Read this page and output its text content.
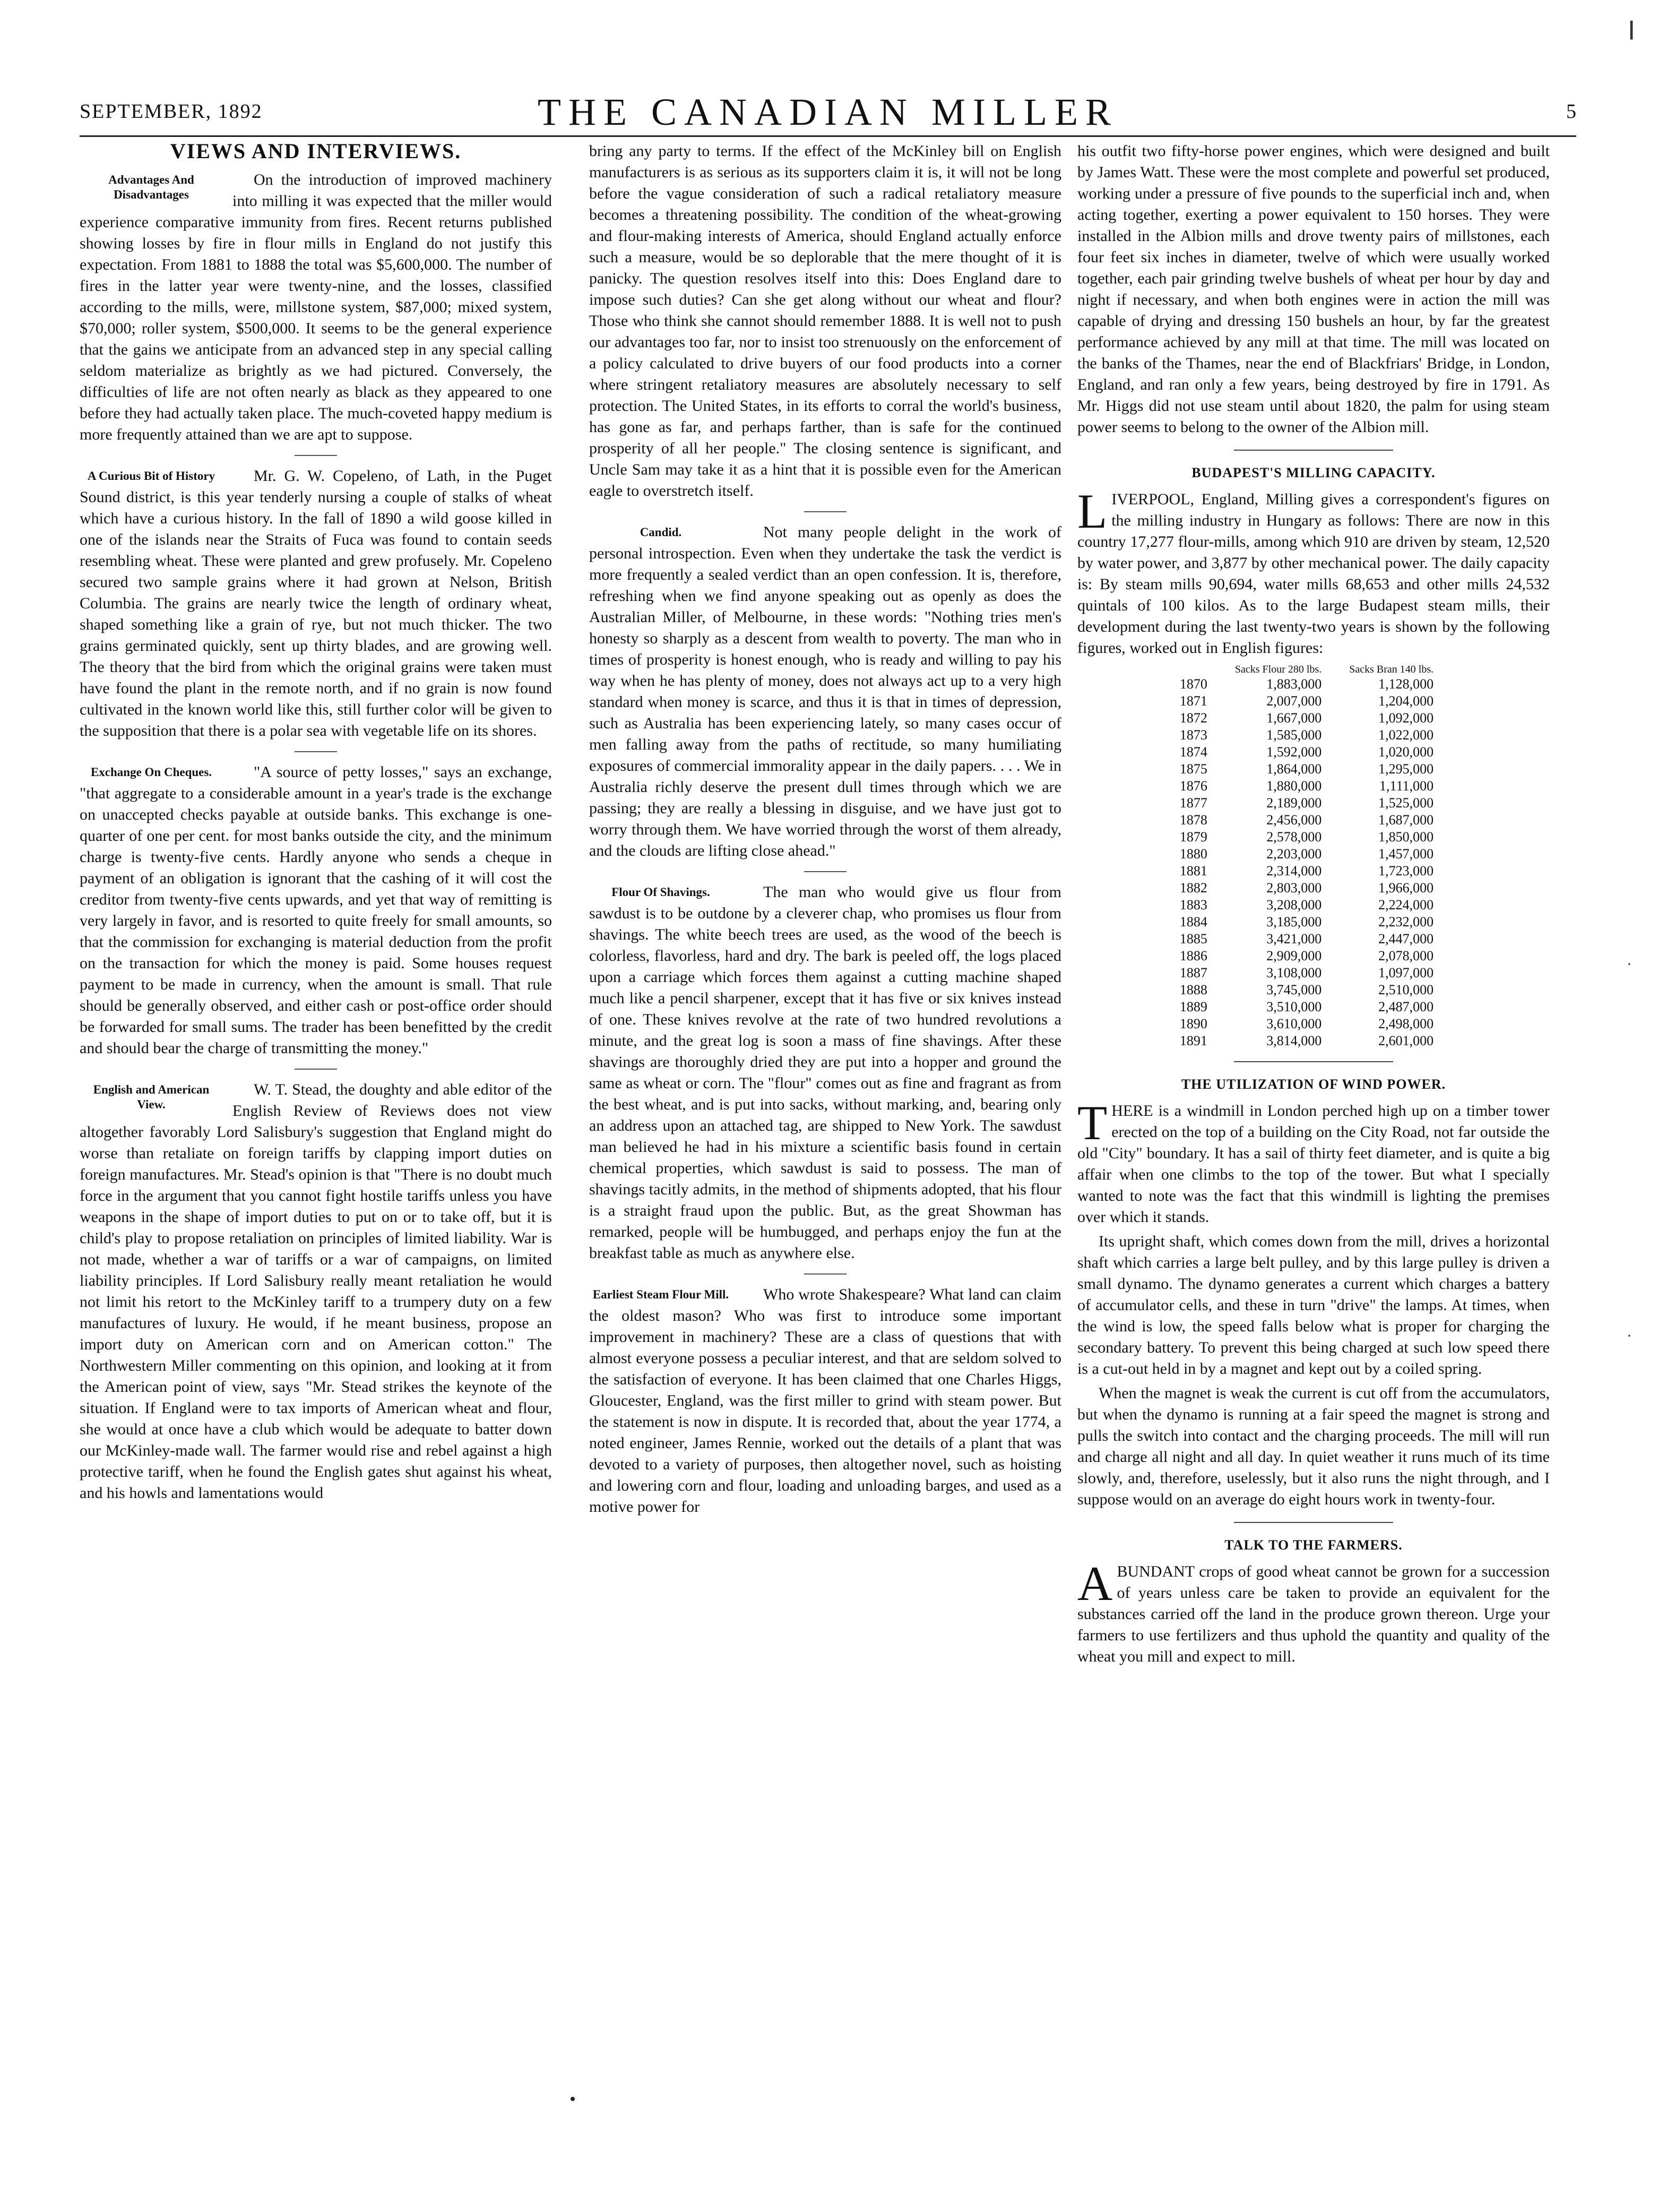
SEPTEMBER, 1892	THE CANADIAN MILLER	5
VIEWS AND INTERVIEWS.
Advantages And Disadvantages

On the introduction of improved machinery into milling it was expected that the miller would experience comparative immunity from fires. Recent returns published showing losses by fire in flour mills in England do not justify this expectation. From 1881 to 1888 the total was $5,600,000. The number of fires in the latter year were twenty-nine, and the losses, classified according to the mills, were, millstone system, $87,000; mixed system, $70,000; roller system, $500,000. It seems to be the general experience that the gains we anticipate from an advanced step in any special calling seldom materialize as brightly as we had pictured. Conversely, the difficulties of life are not often nearly as black as they appeared to one before they had actually taken place. The much-coveted happy medium is more frequently attained than we are apt to suppose.

A Curious Bit of History	Mr. G. W. Copeleno, of Lath, in the Puget Sound district, is this year tenderly nursing a couple of stalks of wheat which have a curious history. In the fall of 1890 a wild goose killed in one of the islands near the Straits of Fuca was found to contain seeds resembling wheat. These were planted and grew profusely. Mr. Copeleno secured two sample grains where it had grown at Nelson, British Columbia. The grains are nearly twice the length of ordinary wheat, shaped something like a grain of rye, but not much thicker. The two grains germinated quickly, sent up thirty blades, and are growing well. The theory that the bird from which the original grains were taken must have found the plant in the remote north, and if no grain is now found cultivated in the known world like this, still further color will be given to the supposition that there is a polar sea with vegetable life on its shores.

Exchange On Cheques.	"A source of petty losses," says an exchange, "that aggregate to a considerable amount in a year's trade is the exchange on unaccepted checks payable at outside banks. This exchange is one-quarter of one per cent. for most banks outside the city, and the minimum charge is twenty-five cents. Hardly anyone who sends a cheque in payment of an obligation is ignorant that the cashing of it will cost the creditor from twenty-five cents upwards, and yet that way of remitting is very largely in favor, and is resorted to quite freely for small amounts, so that the commission for exchanging is material deduction from the profit on the transaction for which the money is paid. Some houses request payment to be made in currency, when the amount is small. That rule should be generally observed, and either cash or post-office order should be forwarded for small sums. The trader has been benefitted by the credit and should bear the charge of transmitting the money."

English and American View.

W. T. Stead, the doughty and able editor of the English Review of Reviews does not view altogether favorably Lord Salisbury's suggestion that England might do worse than retaliate on foreign tariffs by clapping import duties on foreign manufactures. Mr. Stead's opinion is that "There is no doubt much force in the argument that you cannot fight hostile tariffs unless you have weapons in the shape of import duties to put on or to take off, but it is child's play to propose retaliation on principles of limited liability. War is not made, whether a war of tariffs or a war of campaigns, on limited liability principles. If Lord Salisbury really meant retaliation he would not limit his retort to the McKinley tariff to a trumpery duty on a few manufactures of luxury. He would, if he meant business, propose an import duty on American corn and on American cotton." The Northwestern Miller commenting on this opinion, and looking at it from the American point of view, says "Mr. Stead strikes the keynote of the situation. If England were to tax imports of American wheat and flour, she would at once have a club which would be adequate to batter down our McKinley-made wall. The farmer would rise and rebel against a high protective tariff, when he found the English gates shut against his wheat, and his howls and lamentations would

bring any party to terms. If the effect of the McKinley bill on English manufacturers is as serious as its supporters claim it is, it will not be long before the vague consideration of such a radical retaliatory measure becomes a threatening possibility. The condition of the wheat-growing and flour-making interests of America, should England actually enforce such a measure, would be so deplorable that the mere thought of it is panicky. The question resolves itself into this: Does England dare to impose such duties? Can she get along without our wheat and flour? Those who think she cannot should remember 1888. It is well not to push our advantages too far, nor to insist too strenuously on the enforcement of a policy calculated to drive buyers of our food products into a corner where stringent retaliatory measures are absolutely necessary to self protection. The United States, in its efforts to corral the world's business, has gone as far, and perhaps farther, than is safe for the continued prosperity of all her people." The closing sentence is significant, and Uncle Sam may take it as a hint that it is possible even for the American eagle to overstretch itself.

Candid.	Not many people delight in the work of personal introspection. Even when they undertake the task the verdict is more frequently a sealed verdict than an open confession. It is, therefore, refreshing when we find anyone speaking out as openly as does the Australian Miller, of Melbourne, in these words: "Nothing tries men's honesty so sharply as a descent from wealth to poverty. The man who in times of prosperity is honest enough, who is ready and willing to pay his way when he has plenty of money, does not always act up to a very high standard when money is scarce, and thus it is that in times of depression, such as Australia has been experiencing lately, so many cases occur of men falling away from the paths of rectitude, so many humiliating exposures of commercial immorality appear in the daily papers. . . . We in Australia richly deserve the present dull times through which we are passing; they are really a blessing in disguise, and we have just got to worry through them. We have worried through the worst of them already, and the clouds are lifting close ahead."

Flour Of Shavings.	The man who would give us flour from sawdust is to be outdone by a cleverer chap, who promises us flour from shavings. The white beech trees are used, as the wood of the beech is colorless, flavorless, hard and dry. The bark is peeled off, the logs placed upon a carriage which forces them against a cutting machine shaped much like a pencil sharpener, except that it has five or six knives instead of one. These knives revolve at the rate of two hundred revolutions a minute, and the great log is soon a mass of fine shavings. After these shavings are thoroughly dried they are put into a hopper and ground the same as wheat or corn. The "flour" comes out as fine and fragrant as from the best wheat, and is put into sacks, without marking, and, bearing only an address upon an attached tag, are shipped to New York. The sawdust man believed he had in his mixture a scientific basis found in certain chemical properties, which sawdust is said to possess. The man of shavings tacitly admits, in the method of shipments adopted, that his flour is a straight fraud upon the public. But, as the great Showman has remarked, people will be humbugged, and perhaps enjoy the fun at the breakfast table as much as anywhere else.

Earliest Steam Flour Mill.	Who wrote Shakespeare? What land can claim the oldest mason? Who was first to introduce some important improvement in machinery? These are a class of questions that with almost everyone possess a peculiar interest, and that are seldom solved to the satisfaction of everyone. It has been claimed that one Charles Higgs, Gloucester, England, was the first miller to grind with steam power. But the statement is now in dispute. It is recorded that, about the year 1774, a noted engineer, James Rennie, worked out the details of a plant that was devoted to a variety of purposes, then altogether novel, such as hoisting and lowering corn and flour, loading and unloading barges, and used as a motive power for

his outfit two fifty-horse power engines, which were designed and built by James Watt. These were the most complete and powerful set produced, working under a pressure of five pounds to the superficial inch and, when acting together, exerting a power equivalent to 150 horses. They were installed in the Albion mills and drove twenty pairs of millstones, each four feet six inches in diameter, twelve of which were usually worked together, each pair grinding twelve bushels of wheat per hour by day and night if necessary, and when both engines were in action the mill was capable of drying and dressing 150 bushels an hour, by far the greatest performance achieved by any mill at that time. The mill was located on the banks of the Thames, near the end of Blackfriars' Bridge, in London, England, and ran only a few years, being destroyed by fire in 1791. As Mr. Higgs did not use steam until about 1820, the palm for using steam power seems to belong to the owner of the Albion mill.

BUDAPEST'S MILLING CAPACITY.

LIVERPOOL, England, Milling gives a correspondent's figures on the milling industry in Hungary as follows: There are now in this country 17,277 flour-mills, among which 910 are driven by steam, 12,520 by water power, and 3,877 by other mechanical power. The daily capacity is: By steam mills 90,694, water mills 68,653 and other mills 24,532 quintals of 100 kilos. As to the large Budapest steam mills, their development during the last twenty-two years is shown by the following figures, worked out in English figures:

	Sacks Flour 280 lbs.	Sacks Bran 140 lbs.
1870	1,883,000	1,128,000
1871	2,007,000	1,204,000
1872	1,667,000	1,092,000
1873	1,585,000	1,022,000
1874	1,592,000	1,020,000
1875	1,864,000	1,295,000
1876	1,880,000	1,111,000
1877	2,189,000	1,525,000
1878	2,456,000	1,687,000
1879	2,578,000	1,850,000
1880	2,203,000	1,457,000
1881	2,314,000	1,723,000
1882	2,803,000	1,966,000
1883	3,208,000	2,224,000
1884	3,185,000	2,232,000
1885	3,421,000	2,447,000
1886	2,909,000	2,078,000
1887	3,108,000	1,097,000
1888	3,745,000	2,510,000
1889	3,510,000	2,487,000
1890	3,610,000	2,498,000
1891	3,814,000	2,601,000
THE UTILIZATION OF WIND POWER.

THERE is a windmill in London perched high up on a timber tower erected on the top of a building on the City Road, not far outside the old "City" boundary. It has a sail of thirty feet diameter, and is quite a big affair when one climbs to the top of the tower. But what I specially wanted to note was the fact that this windmill is lighting the premises over which it stands.

Its upright shaft, which comes down from the mill, drives a horizontal shaft which carries a large belt pulley, and by this large pulley is driven a small dynamo. The dynamo generates a current which charges a battery of accumulator cells, and these in turn "drive" the lamps. At times, when the wind is low, the speed falls below what is proper for charging the secondary battery. To prevent this being charged at such low speed there is a cut-out held in by a magnet and kept out by a coiled spring.

When the magnet is weak the current is cut off from the accumulators, but when the dynamo is running at a fair speed the magnet is strong and pulls the switch into contact and the charging proceeds. The mill will run and charge all night and all day. In quiet weather it runs much of its time slowly, and, therefore, uselessly, but it also runs the night through, and I suppose would on an average do eight hours work in twenty-four.

TALK TO THE FARMERS.

ABUNDANT crops of good wheat cannot be grown for a succession of years unless care be taken to provide an equivalent for the substances carried off the land in the produce grown thereon. Urge your farmers to use fertilizers and thus uphold the quantity and quality of the wheat you mill and expect to mill.

┃
·
·
